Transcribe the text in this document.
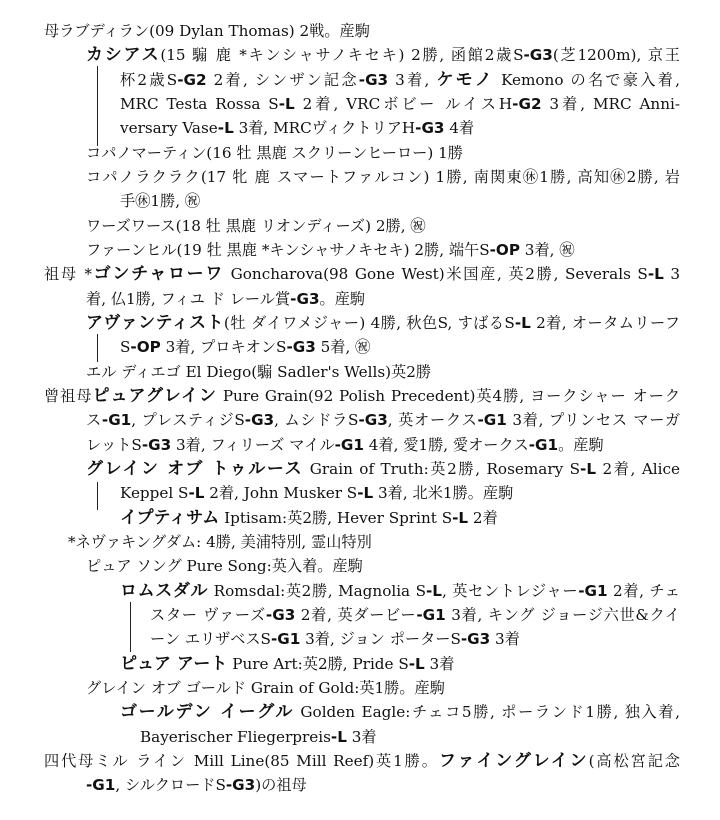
母ラブディラン(09 Dylan Thomas) 2戦。産駒
カシアス(15 騸 鹿 *キンシャサノキセキ) 2勝, 函館2歳S-G3(芝1200m), 京王
杯2歳S-G2 2着, シンザン記念-G3 3着, ケモノ Kemono の名で豪入着,
MRC Testa Rossa S-L 2着, VRCボビー ルイスH-G2 3着, MRC Anni-
versary Vase-L 3着, MRCヴィクトリアH-G3 4着
コパノマーティン(16 牡 黒鹿 スクリーンヒーロー) 1勝
コパノラクラク(17 牝 鹿 スマートファルコン) 1勝, 南関東㊡1勝, 高知㊡2勝, 岩
手㊡1勝, ㊗
ワーズワース(18 牡 黒鹿 リオンディーズ) 2勝, ㊗
ファーンヒル(19 牡 黒鹿 *キンシャサノキセキ) 2勝, 端午S-OP 3着, ㊗
祖母 *ゴンチャローワ Goncharova(98 Gone West)米国産, 英2勝, Severals S-L 3
着, 仏1勝, フィユ ド レール賞-G3。産駒
アヴァンティスト(牡 ダイワメジャー) 4勝, 秋色S, すばるS-L 2着, オータムリーフ
S-OP 3着, プロキオンS-G3 5着, ㊗
エル ディエゴ El Diego(騸 Sadler's Wells)英2勝
曾祖母ピュアグレイン Pure Grain(92 Polish Precedent)英4勝, ヨークシャー オーク
ス-G1, プレスティジS-G3, ムシドラS-G3, 英オークス-G1 3着, プリンセス マーガ
レットS-G3 3着, フィリーズ マイル-G1 4着, 愛1勝, 愛オークス-G1。産駒
グレイン オブ トゥルース Grain of Truth:英2勝, Rosemary S-L 2着, Alice
Keppel S-L 2着, John Musker S-L 3着, 北米1勝。産駒
イプティサム Iptisam:英2勝, Hever Sprint S-L 2着
*ネヴァキングダム: 4勝, 美浦特別, 霊山特別
ピュア ソング Pure Song:英入着。産駒
ロムスダル Romsdal:英2勝, Magnolia S-L, 英セントレジャー-G1 2着, チェ
スター ヴァーズ-G3 2着, 英ダービー-G1 3着, キング ジョージ六世&クイ
ーン エリザベスS-G1 3着, ジョン ポーターS-G3 3着
ピュア アート Pure Art:英2勝, Pride S-L 3着
グレイン オブ ゴールド Grain of Gold:英1勝。産駒
ゴールデン イーグル Golden Eagle:チェコ5勝, ポーランド1勝, 独入着,
Bayerischer Fliegerpreis-L 3着
四代母ミル ライン Mill Line(85 Mill Reef)英1勝。ファイングレイン(高松宮記念
-G1, シルクロードS-G3)の祖母
